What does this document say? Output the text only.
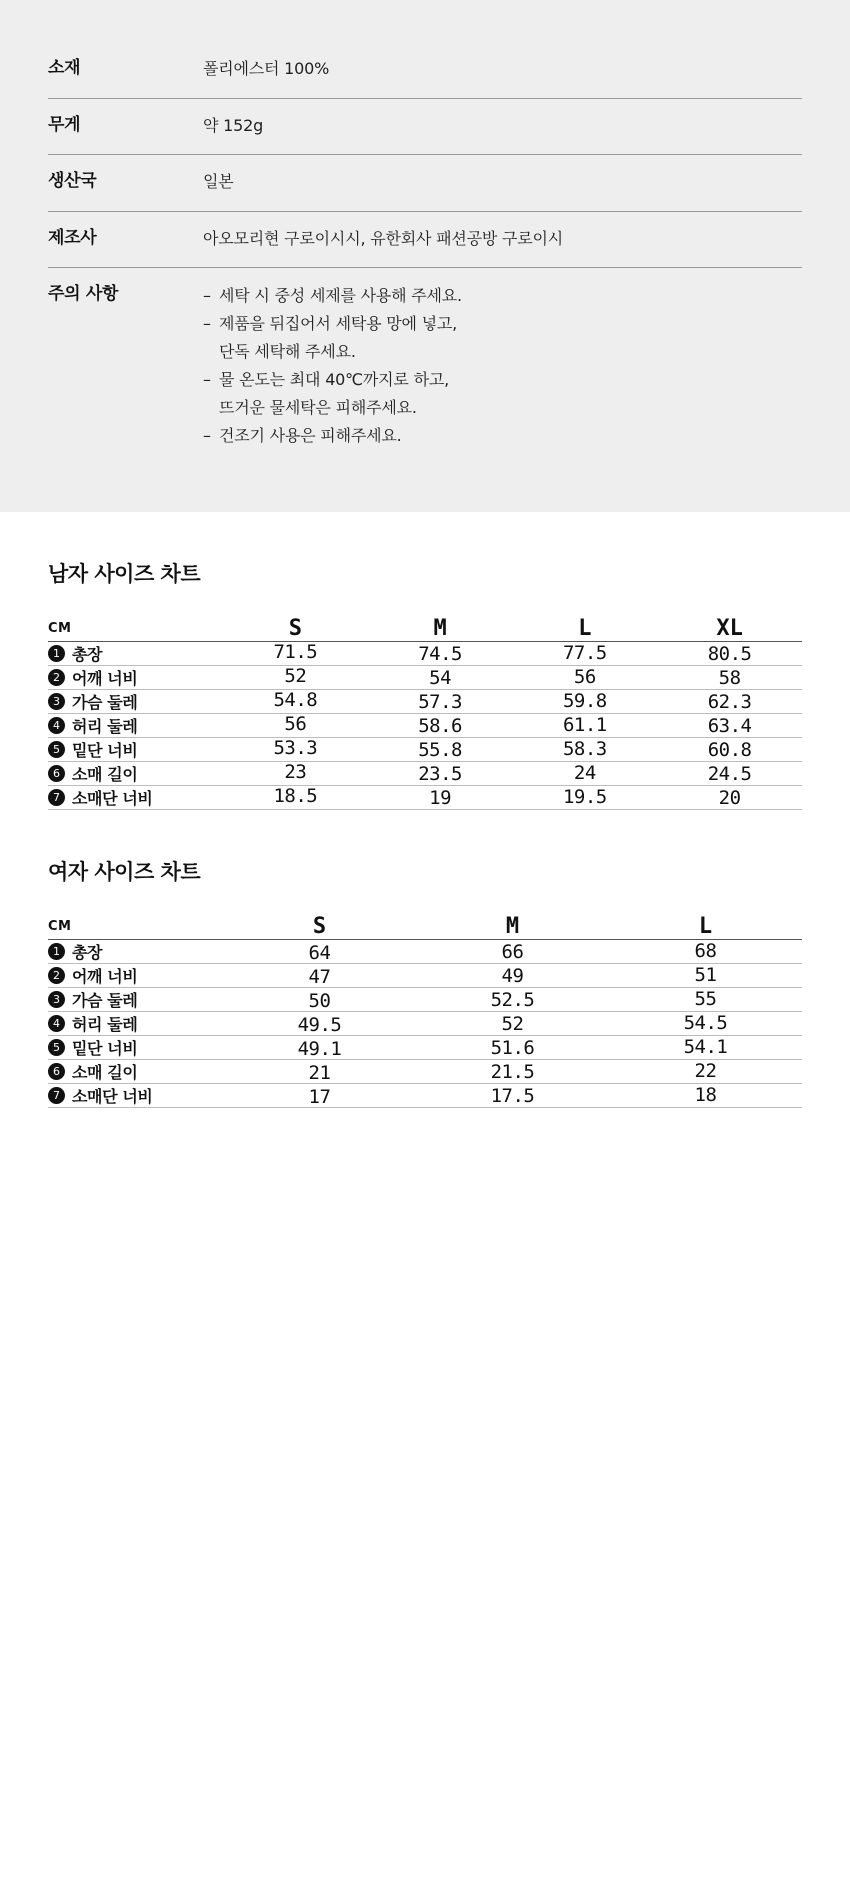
소재	폴리에스터 100%
무게	약 152g
생산국	일본
제조사	아오모리현 구로이시시, 유한회사 패션공방 구로이시
주의 사항	– 세탁 시 중성 세제를 사용해 주세요.
– 제품을 뒤집어서 세탁용 망에 넣고,
단독 세탁해 주세요.
– 물 온도는 최대 40℃까지로 하고,
뜨거운 물세탁은 피해주세요.
– 건조기 사용은 피해주세요.
남자 사이즈 차트
CM	S	M	L	XL
1 총장	71.5	74.5	77.5	80.5
2 어깨 너비	52	54	56	58
3 가슴 둘레	54.8	57.3	59.8	62.3
4 허리 둘레	56	58.6	61.1	63.4
5 밑단 너비	53.3	55.8	58.3	60.8
6 소매 길이	23	23.5	24	24.5
7 소매단 너비	18.5	19	19.5	20
여자 사이즈 차트
CM	S	M	L
1 총장	64	66	68
2 어깨 너비	47	49	51
3 가슴 둘레	50	52.5	55
4 허리 둘레	49.5	52	54.5
5 밑단 너비	49.1	51.6	54.1
6 소매 길이	21	21.5	22
7 소매단 너비	17	17.5	18
